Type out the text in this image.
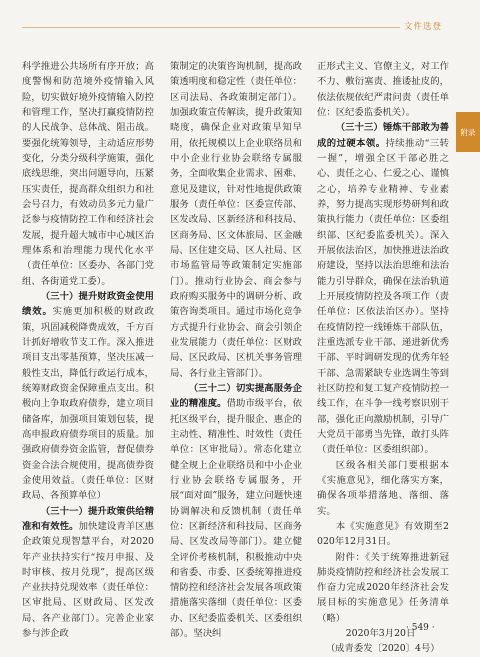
文件选登
附录

科学推进公共场所有序开放；高度警惕和防范境外疫情输入风险，切实做好境外疫情输入防控和管理工作，坚决打赢疫情防控的人民战争、总体战、阻击战。要强化统筹领导，主动适应形势变化，分类分级科学施策，强化底线思维，突出问题导向，压紧压实责任，提高群众组织力和社会号召力，有效动员多元力量广泛参与疫情防控工作和经济社会发展，提升超大城市中心城区治理体系和治理能力现代化水平（责任单位：区委办、各部门党组、各街道党工委）。

（三十）提升财政资金使用绩效。实施更加积极的财政政策，巩固减税降费成效，千方百计抓好增收节支工作。深入推进项目支出零基预算，坚决压减一般性支出，降低行政运行成本，统筹财政资金保障重点支出。积极向上争取政府债券，建立项目储备库，加强项目策划包装，提高申报政府债券项目的质量。加强政府债券资金监管，督促债券资金合法合规使用，提高债券资金使用效益。（责任单位：区财政局、各预算单位）

（三十一）提升政策供给精准和有效性。加快建设青羊区惠企政策兑现智慧平台，对2020年产业扶持实行“按月申报、及时审核、按月兑现”，提高区级产业扶持兑现效率（责任单位：区审批局、区财政局、区发改局、各产业部门）。完善企业家参与涉企政

策制定的决策咨询机制，提高政策透明度和稳定性（责任单位：区司法局、各政策制定部门）。加强政策宣传解读，提升政策知晓度，确保企业对政策早知早用，依托规模以上企业联络员和中小企业行业协会联络专属服务，全面收集企业需求、困难、意见及建议，针对性地提供政策服务（责任单位：区委宣传部、区发改局、区新经济和科技局、区商务局、区文体旅局、区金融局、区住建交局、区人社局、区市场监管局等政策制定实施部门）。推动行业协会、商会参与政府购买服务中的调研分析、政策咨询类项目。通过市场化竞争方式提升行业协会、商会引领企业发展能力（责任单位：区财政局、区民政局、区机关事务管理局、各行业主管部门）。

（三十二）切实提高服务企业的精准度。借助市级平台，依托区级平台，提升服企、惠企的主动性、精准性、时效性（责任单位：区审批局）。常态化建立健全规上企业联络员和中小企业行业协会联络专属服务，开展“面对面”服务，建立问题快速协调解决和反馈机制（责任单位：区新经济和科技局、区商务局、区发改局等部门）。建立健全评价考核机制，积极推动中央和省委、市委、区委统筹推进疫情防控和经济社会发展各项政策措施落实落细（责任单位：区委办、区纪委监委机关、区委组织部）。坚决纠

正形式主义、官僚主义，对工作不力、敷衍塞责、推诿扯皮的，依法依规依纪严肃问责（责任单位：区纪委监委机关）。

（三十三）锤炼干部敢为善成的过硬本领。持续推动“三转一握”，增强全区干部必胜之心、责任之心、仁爱之心、谨慎之心，培养专业精神、专业素养，努力提高实现形势研判和政策执行能力（责任单位：区委组织部、区纪委监委机关）。深入开展依法治区，加快推进法治政府建设，坚持以法治思维和法治能力引导群众，确保在法治轨道上开展疫情防控及各项工作（责任单位：区依法治区办）。坚持在疫情防控一线锤炼干部队伍，注重选派专业干部、递进新优秀干部、平时调研发现的优秀年轻干部、急需紧缺专业选调生等到社区防控和复工复产疫情防控一线工作，在斗争一线考察识别干部，强化正向激励机制，引导广大党员干部勇当先锋，敢打头阵（责任单位：区委组织部）。

区级各相关部门要根据本《实施意见》，细化落实方案，确保各项举措落地、落细、落实。

本《实施意见》有效期至2020年12月31日。

附件：《关于统筹推进新冠肺炎疫情防控和经济社会发展工作奋力完成2020年经济社会发展目标的实施意见》任务清单（略）

2020年3月20日

（成青委发〔2020〕4号）

· 549 ·
